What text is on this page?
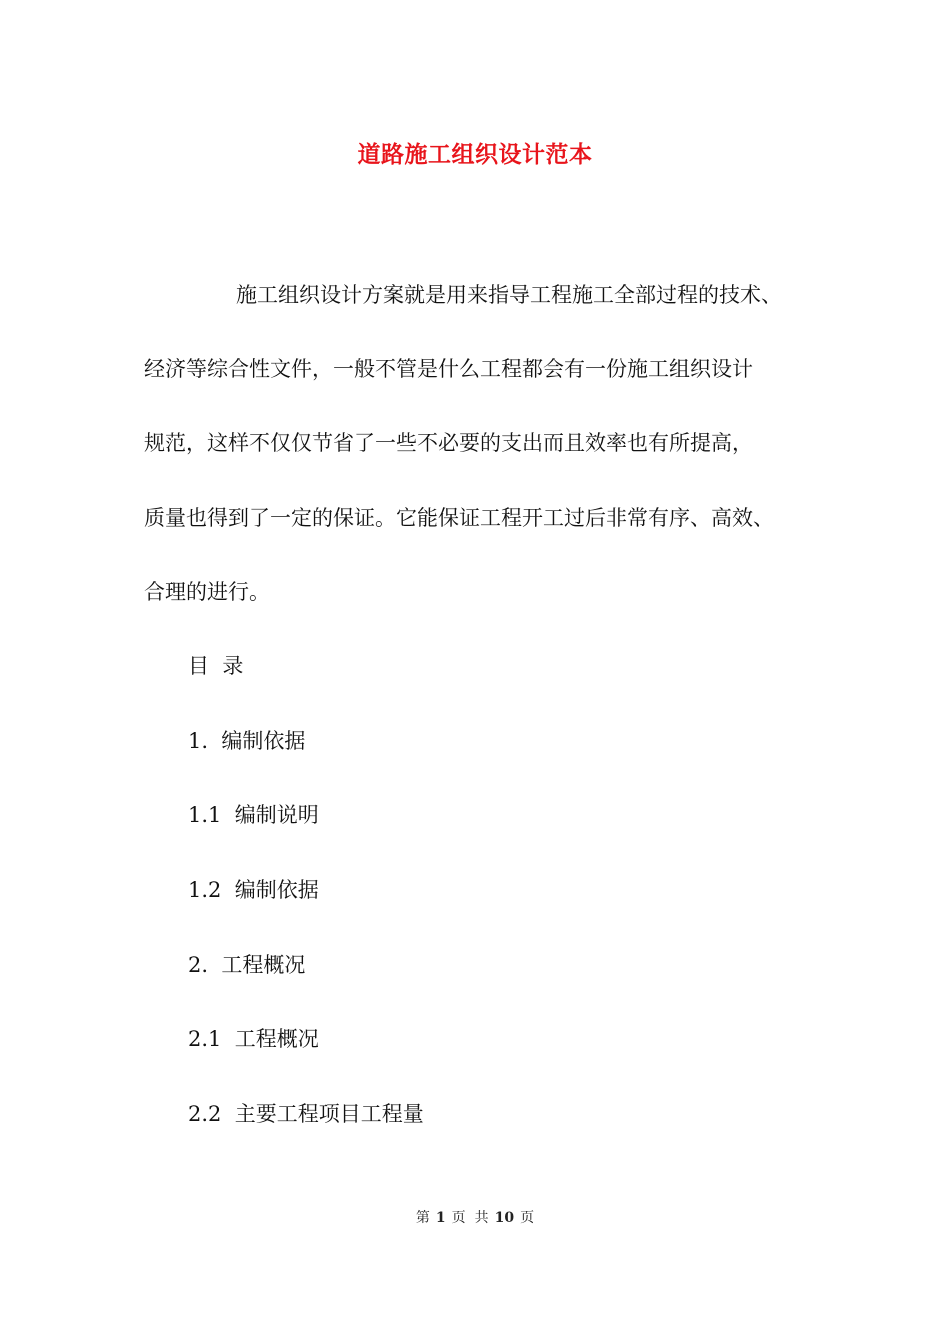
道路施工组织设计范本
施工组织设计方案就是用来指导工程施工全部过程的技术、
经济等综合性文件，一般不管是什么工程都会有一份施工组织设计
规范，这样不仅仅节省了一些不必要的支出而且效率也有所提高，
质量也得到了一定的保证。它能保证工程开工过后非常有序、高效、
合理的进行。
目  录
1.  编制依据
1.1  编制说明
1.2  编制依据
2.  工程概况
2.1  工程概况
2.2  主要工程项目工程量
第 1 页  共 10 页
